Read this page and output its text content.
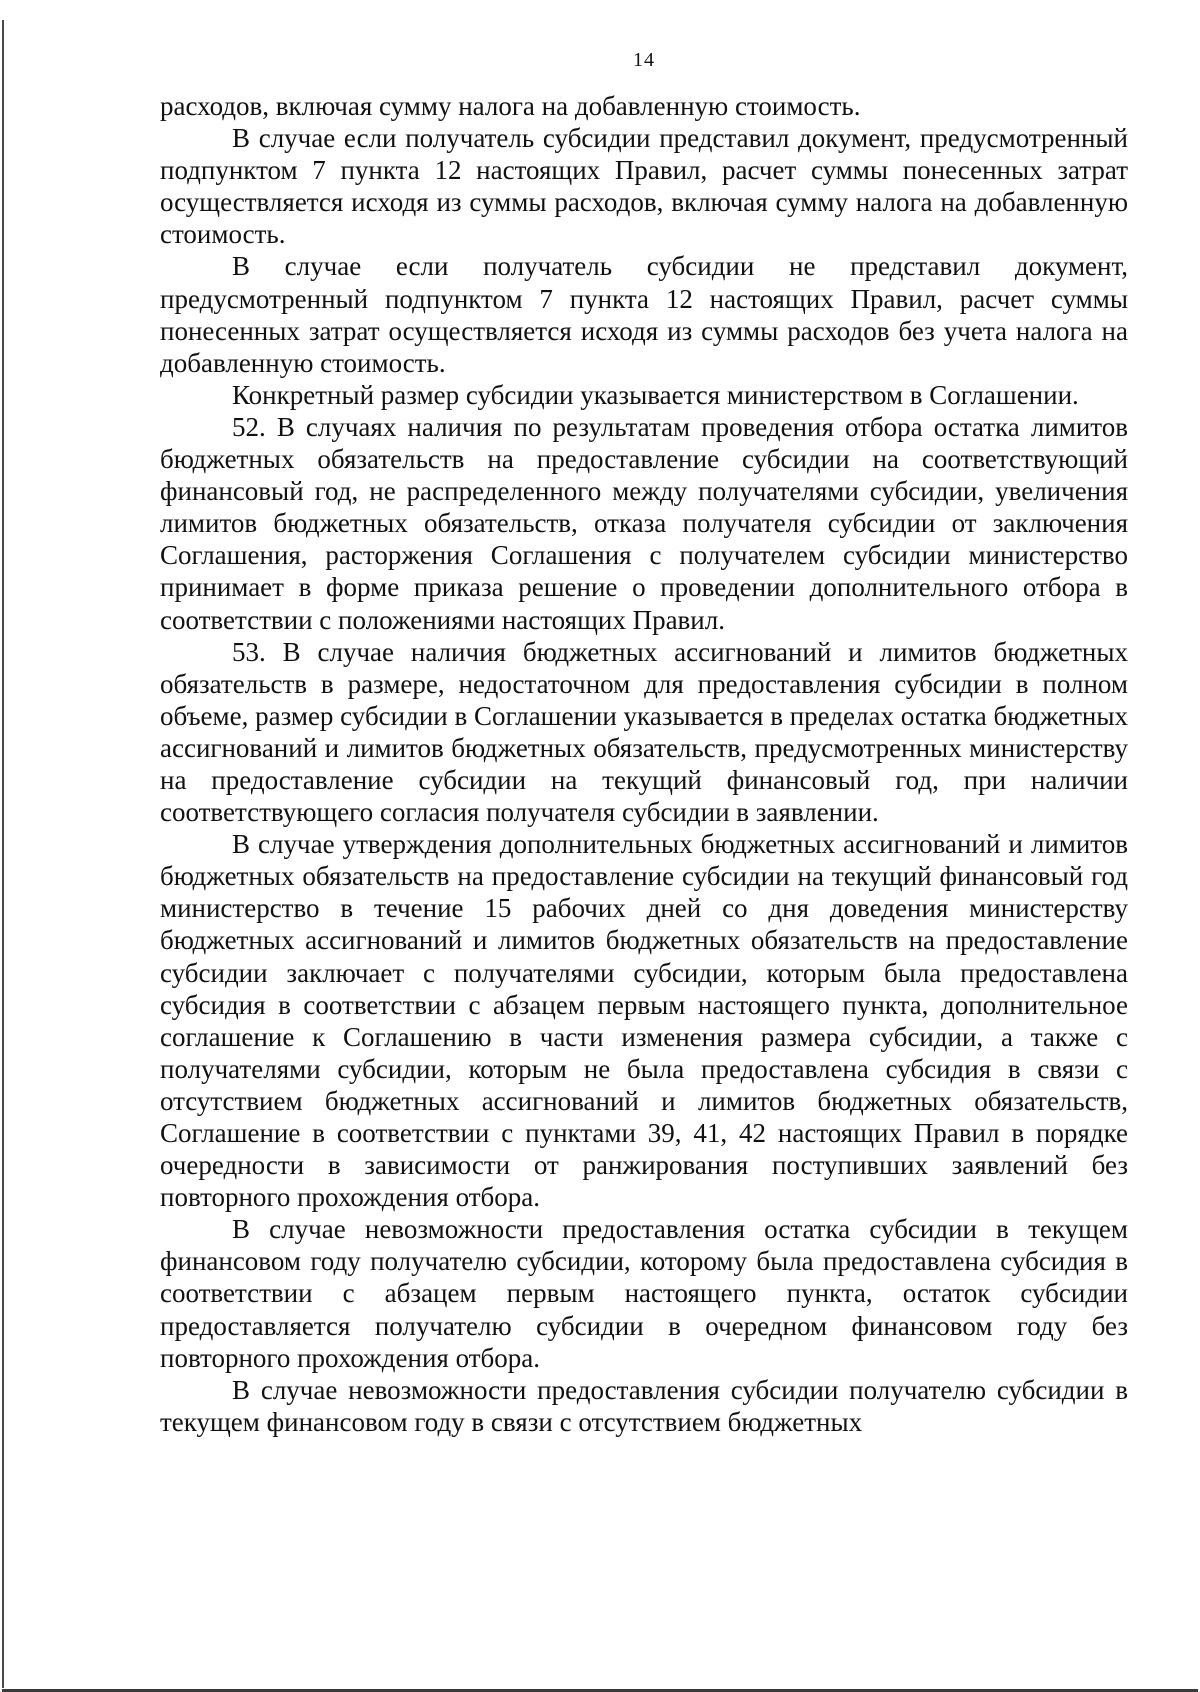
14

расходов, включая сумму налога на добавленную стоимость.

В случае если получатель субсидии представил документ, предусмотренный подпунктом 7 пункта 12 настоящих Правил, расчет суммы понесенных затрат осуществляется исходя из суммы расходов, включая сумму налога на добавленную стоимость.

В случае если получатель субсидии не представил документ, предусмотренный подпунктом 7 пункта 12 настоящих Правил, расчет суммы понесенных затрат осуществляется исходя из суммы расходов без учета налога на добавленную стоимость.

Конкретный размер субсидии указывается министерством в Соглашении.

52. В случаях наличия по результатам проведения отбора остатка лимитов бюджетных обязательств на предоставление субсидии на соответствующий финансовый год, не распределенного между получателями субсидии, увеличения лимитов бюджетных обязательств, отказа получателя субсидии от заключения Соглашения, расторжения Соглашения с получателем субсидии министерство принимает в форме приказа решение о проведении дополнительного отбора в соответствии с положениями настоящих Правил.

53. В случае наличия бюджетных ассигнований и лимитов бюджетных обязательств в размере, недостаточном для предоставления субсидии в полном объеме, размер субсидии в Соглашении указывается в пределах остатка бюджетных ассигнований и лимитов бюджетных обязательств, предусмотренных министерству на предоставление субсидии на текущий финансовый год, при наличии соответствующего согласия получателя субсидии в заявлении.

В случае утверждения дополнительных бюджетных ассигнований и лимитов бюджетных обязательств на предоставление субсидии на текущий финансовый год министерство в течение 15 рабочих дней со дня доведения министерству бюджетных ассигнований и лимитов бюджетных обязательств на предоставление субсидии заключает с получателями субсидии, которым была предоставлена субсидия в соответствии с абзацем первым настоящего пункта, дополнительное соглашение к Соглашению в части изменения размера субсидии, а также с получателями субсидии, которым не была предоставлена субсидия в связи с отсутствием бюджетных ассигнований и лимитов бюджетных обязательств, Соглашение в соответствии с пунктами 39, 41, 42 настоящих Правил в порядке очередности в зависимости от ранжирования поступивших заявлений без повторного прохождения отбора.

В случае невозможности предоставления остатка субсидии в текущем финансовом году получателю субсидии, которому была предоставлена субсидия в соответствии с абзацем первым настоящего пункта, остаток субсидии предоставляется получателю субсидии в очередном финансовом году без повторного прохождения отбора.

В случае невозможности предоставления субсидии получателю субсидии в текущем финансовом году в связи с отсутствием бюджетных
